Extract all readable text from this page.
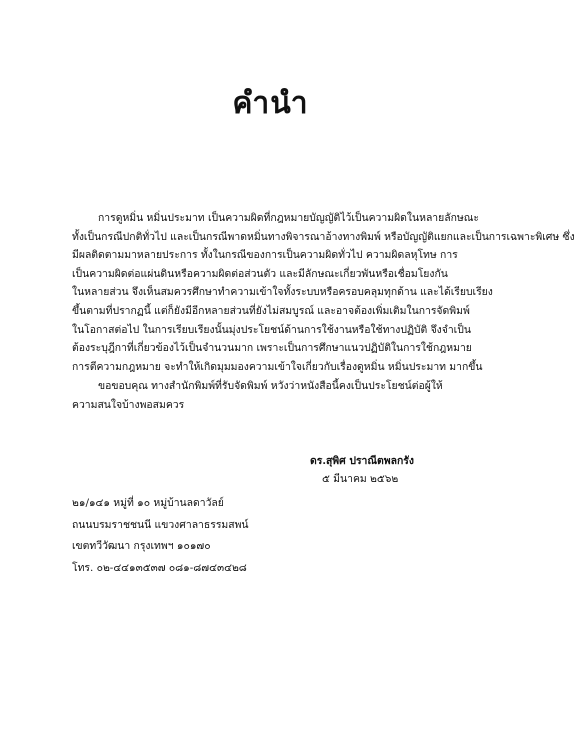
คำนำ
การดูหมิ่น หมิ่นประมาท เป็นความผิดที่กฎหมายบัญญัติไว้เป็นความผิดในหลายลักษณะ
ทั้งเป็นกรณีปกติทั่วไป และเป็นกรณีพาดหมิ่นทางพิจารณาอ้างทางพิมพ์ หรือบัญญัติแยกและเป็นการเฉพาะพิเศษ ซึ่ง
มีผลติดตามมาหลายประการ ทั้งในกรณีของการเป็นความผิดทั่วไป ความผิดลหุโทษ การ
เป็นความผิดต่อแผ่นดินหรือความผิดต่อส่วนตัว และมีลักษณะเกี่ยวพันหรือเชื่อมโยงกัน
ในหลายส่วน จึงเห็นสมควรศึกษาทำความเข้าใจทั้งระบบหรือครอบคลุมทุกด้าน และได้เรียบเรียง
ขึ้นตามที่ปรากฏนี้ แต่ก็ยังมีอีกหลายส่วนที่ยังไม่สมบูรณ์ และอาจต้องเพิ่มเติมในการจัดพิมพ์
ในโอกาสต่อไป ในการเรียบเรียงนั้นมุ่งประโยชน์ด้านการใช้งานหรือใช้ทางปฏิบัติ จึงจำเป็น
ต้องระบุฎีกาที่เกี่ยวข้องไว้เป็นจำนวนมาก เพราะเป็นการศึกษาแนวปฏิบัติในการใช้กฎหมาย
การตีความกฎหมาย จะทำให้เกิดมุมมองความเข้าใจเกี่ยวกับเรื่องดูหมิ่น หมิ่นประมาท มากขึ้น
ขอขอบคุณ ทางสำนักพิมพ์ที่รับจัดพิมพ์ หวังว่าหนังสือนี้คงเป็นประโยชน์ต่อผู้ให้
ความสนใจบ้างพอสมควร
ดร.สุพิศ ปราณีตพลกรัง
๕ มีนาคม ๒๕๖๒
๒๑/๑๔๑ หมู่ที่ ๑๐ หมู่บ้านลดาวัลย์
ถนนบรมราชชนนี แขวงศาลาธรรมสพน์
เขตทวีวัฒนา กรุงเทพฯ ๑๐๑๗๐
โทร. ๐๒-๔๔๑๓๕๓๗ ๐๘๑-๘๗๔๓๔๒๘
